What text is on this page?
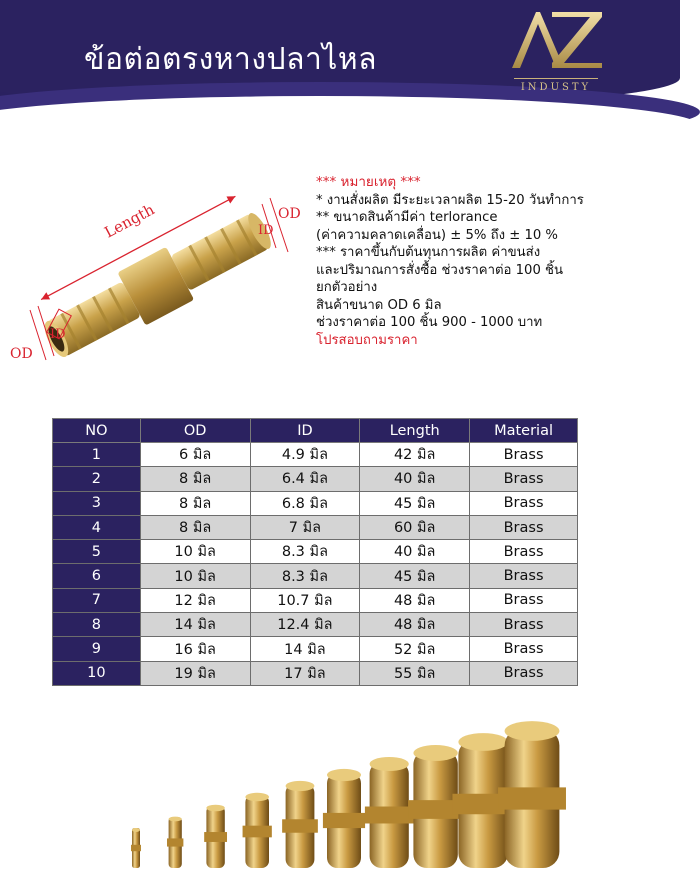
ข้อต่อตรงหางปลาไหล
INDUSTY
Length	OD
ID
ID
OD
*** หมายเหตุ ***
* งานสั่งผลิต มีระยะเวลาผลิต 15-20 วันทำการ
** ขนาดสินค้ามีค่า terlorance
(ค่าความคลาดเคลื่อน) ± 5% ถึง ± 10 %
*** ราคาขึ้นกับต้นทุนการผลิต ค่าขนส่ง
และปริมาณการสั่งซื้อ ช่วงราคาต่อ 100 ชิ้น
ยกตัวอย่าง
สินค้าขนาด OD 6 มิล
ช่วงราคาต่อ 100 ชิ้น 900 - 1000 บาท
โปรสอบถามราคา
NO	OD	ID	Length	Material
1	6 มิล	4.9 มิล	42 มิล	Brass
2	8 มิล	6.4 มิล	40 มิล	Brass
3	8 มิล	6.8 มิล	45 มิล	Brass
4	8 มิล	7 มิล	60 มิล	Brass
5	10 มิล	8.3 มิล	40 มิล	Brass
6	10 มิล	8.3 มิล	45 มิล	Brass
7	12 มิล	10.7 มิล	48 มิล	Brass
8	14 มิล	12.4 มิล	48 มิล	Brass
9	16 มิล	14 มิล	52 มิล	Brass
10	19 มิล	17 มิล	55 มิล	Brass
